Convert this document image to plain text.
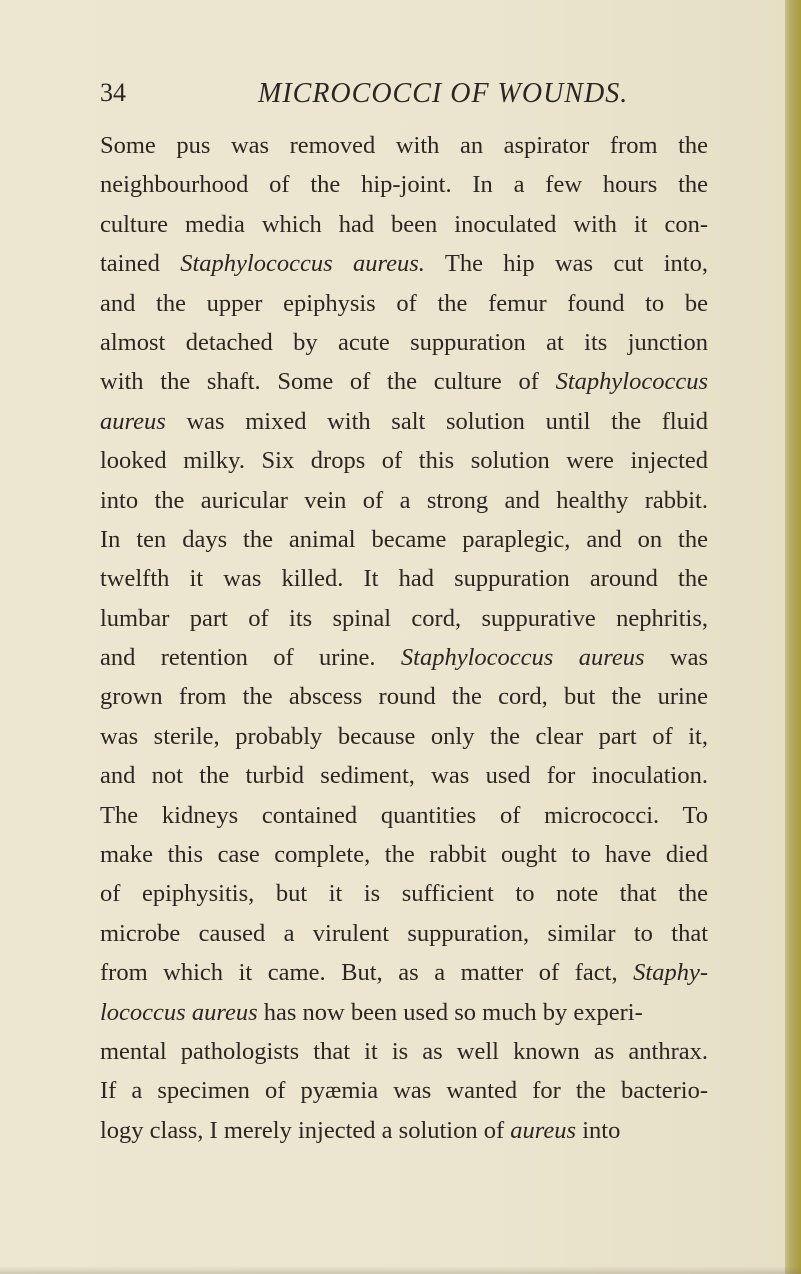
34	MICROCOCCI OF WOUNDS.
Some pus was removed with an aspirator from the
neighbourhood of the hip-joint. In a few hours the
culture media which had been inoculated with it con-
tained Staphylococcus aureus. The hip was cut into,
and the upper epiphysis of the femur found to be
almost detached by acute suppuration at its junction
with the shaft. Some of the culture of Staphylococcus
aureus was mixed with salt solution until the fluid
looked milky. Six drops of this solution were injected
into the auricular vein of a strong and healthy rabbit.
In ten days the animal became paraplegic, and on the
twelfth it was killed. It had suppuration around the
lumbar part of its spinal cord, suppurative nephritis,
and retention of urine. Staphylococcus aureus was
grown from the abscess round the cord, but the urine
was sterile, probably because only the clear part of it,
and not the turbid sediment, was used for inoculation.
The kidneys contained quantities of micrococci. To
make this case complete, the rabbit ought to have died
of epiphysitis, but it is sufficient to note that the
microbe caused a virulent suppuration, similar to that
from which it came. But, as a matter of fact, Staphy-
lococcus aureus has now been used so much by experi-
mental pathologists that it is as well known as anthrax.
If a specimen of pyæmia was wanted for the bacterio-
logy class, I merely injected a solution of aureus into
